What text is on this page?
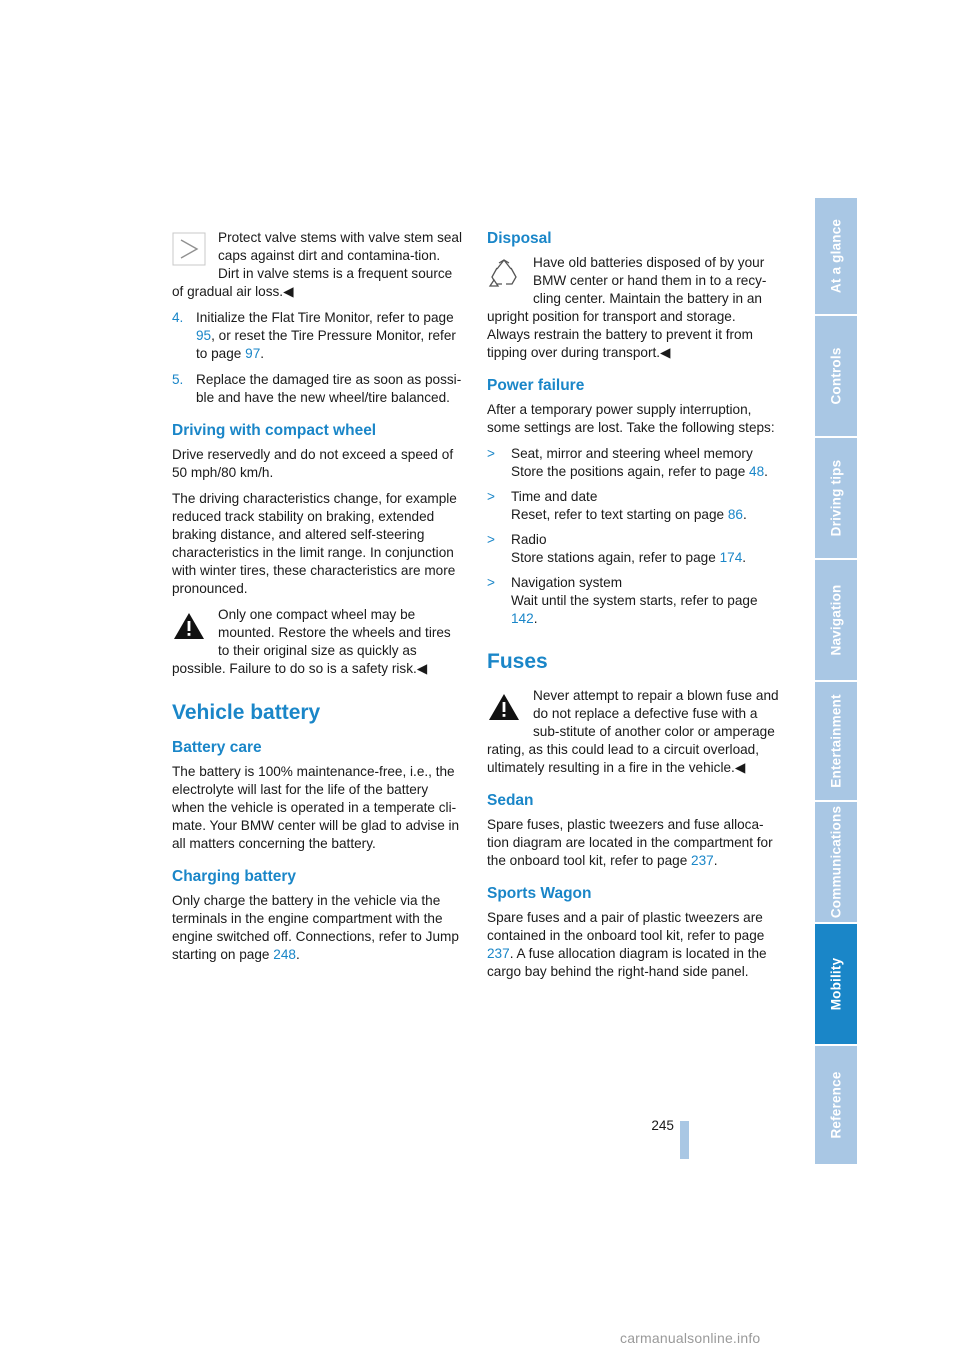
Protect valve stems with valve stem seal caps against dirt and contamina-tion. Dirt in valve stems is a frequent source of gradual air loss.◀
4. Initialize the Flat Tire Monitor, refer to page 95, or reset the Tire Pressure Monitor, refer to page 97.
5. Replace the damaged tire as soon as possi-ble and have the new wheel/tire balanced.
Driving with compact wheel

Drive reservedly and do not exceed a speed of 50 mph/80 km/h.

The driving characteristics change, for example reduced track stability on braking, extended braking distance, and altered self-steering characteristics in the limit range. In conjunction with winter tires, these characteristics are more pronounced.

Only one compact wheel may be mounted. Restore the wheels and tires to their original size as quickly as possible. Failure to do so is a safety risk.◀
Vehicle battery
Battery care

The battery is 100% maintenance-free, i.e., the electrolyte will last for the life of the battery when the vehicle is operated in a temperate cli-mate. Your BMW center will be glad to advise in all matters concerning the battery.

Charging battery

Only charge the battery in the vehicle via the terminals in the engine compartment with the engine switched off. Connections, refer to Jump starting on page 248.

Disposal
Have old batteries disposed of by your BMW center or hand them in to a recy-cling center. Maintain the battery in an upright position for transport and storage. Always restrain the battery to prevent it from tipping over during transport.◀
Power failure

After a temporary power supply interruption, some settings are lost. Take the following steps:

> Seat, mirror and steering wheel memory
Store the positions again, refer to page 48.
> Time and date
Reset, refer to text starting on page 86.
> Radio
Store stations again, refer to page 174.
> Navigation system
Wait until the system starts, refer to page 142.
Fuses
Never attempt to repair a blown fuse and do not replace a defective fuse with a sub-stitute of another color or amperage rating, as this could lead to a circuit overload, ultimately resulting in a fire in the vehicle.◀
Sedan

Spare fuses, plastic tweezers and fuse alloca-tion diagram are located in the compartment for the onboard tool kit, refer to page 237.

Sports Wagon

Spare fuses and a pair of plastic tweezers are contained in the onboard tool kit, refer to page 237. A fuse allocation diagram is located in the cargo bay behind the right-hand side panel.

At a glance
Controls
Driving tips
Navigation
Entertainment
Communications
Mobility
Reference
245
carmanualsonline.info
